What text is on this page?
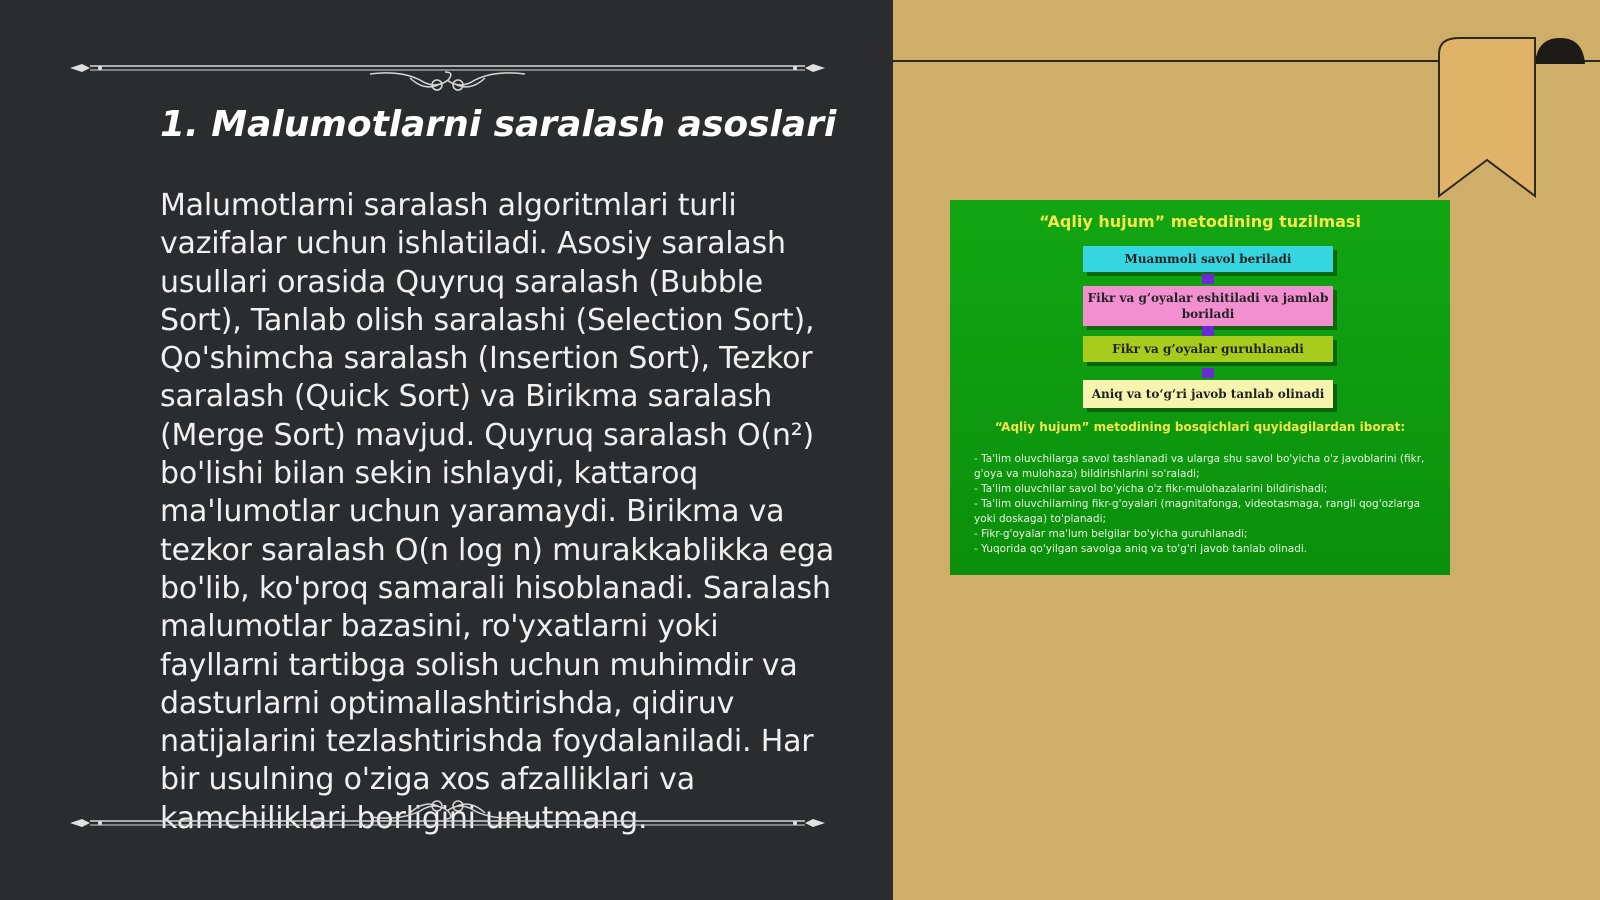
1. Malumotlarni saralash asoslari

Malumotlarni saralash algoritmlari turli vazifalar uchun ishlatiladi. Asosiy saralash usullari orasida Quyruq saralash (Bubble Sort), Tanlab olish saralashi (Selection Sort), Qo'shimcha saralash (Insertion Sort), Tezkor saralash (Quick Sort) va Birikma saralash (Merge Sort) mavjud. Quyruq saralash O(n²) bo'lishi bilan sekin ishlaydi, kattaroq ma'lumotlar uchun yaramaydi. Birikma va tezkor saralash O(n log n) murakkablikka ega bo'lib, ko'proq samarali hisoblanadi. Saralash malumotlar bazasini, ro'yxatlarni yoki fayllarni tartibga solish uchun muhimdir va dasturlarni optimallashtirishda, qidiruv natijalarini tezlashtirishda foydalaniladi. Har bir usulning o'ziga xos afzalliklari va kamchiliklari borligini unutmang.

“Aqliy hujum” metodining tuzilmasi
Muammoli savol beriladi
Fikr va g’oyalar eshitiladi va jamlab boriladi
Fikr va g’oyalar guruhlanadi
Aniq va to‘g‘ri javob tanlab olinadi
“Aqliy hujum” metodining bosqichlari quyidagilardan iborat:
- Ta'lim oluvchilarga savol tashlanadi va ularga shu savol bo'yicha o'z javoblarini (fikr, g'oya va mulohaza) bildirishlarini so'raladi;
- Ta'lim oluvchilar savol bo'yicha o'z fikr-mulohazalarini bildirishadi;
- Ta'lim oluvchilarning fikr-g'oyalari (magnitafonga, videotasmaga, rangli qog'ozlarga yoki doskaga) to'planadi;
- Fikr-g'oyalar ma'lum belgilar bo'yicha guruhlanadi;
- Yuqorida qo'yilgan savolga aniq va to'g'ri javob tanlab olinadi.
